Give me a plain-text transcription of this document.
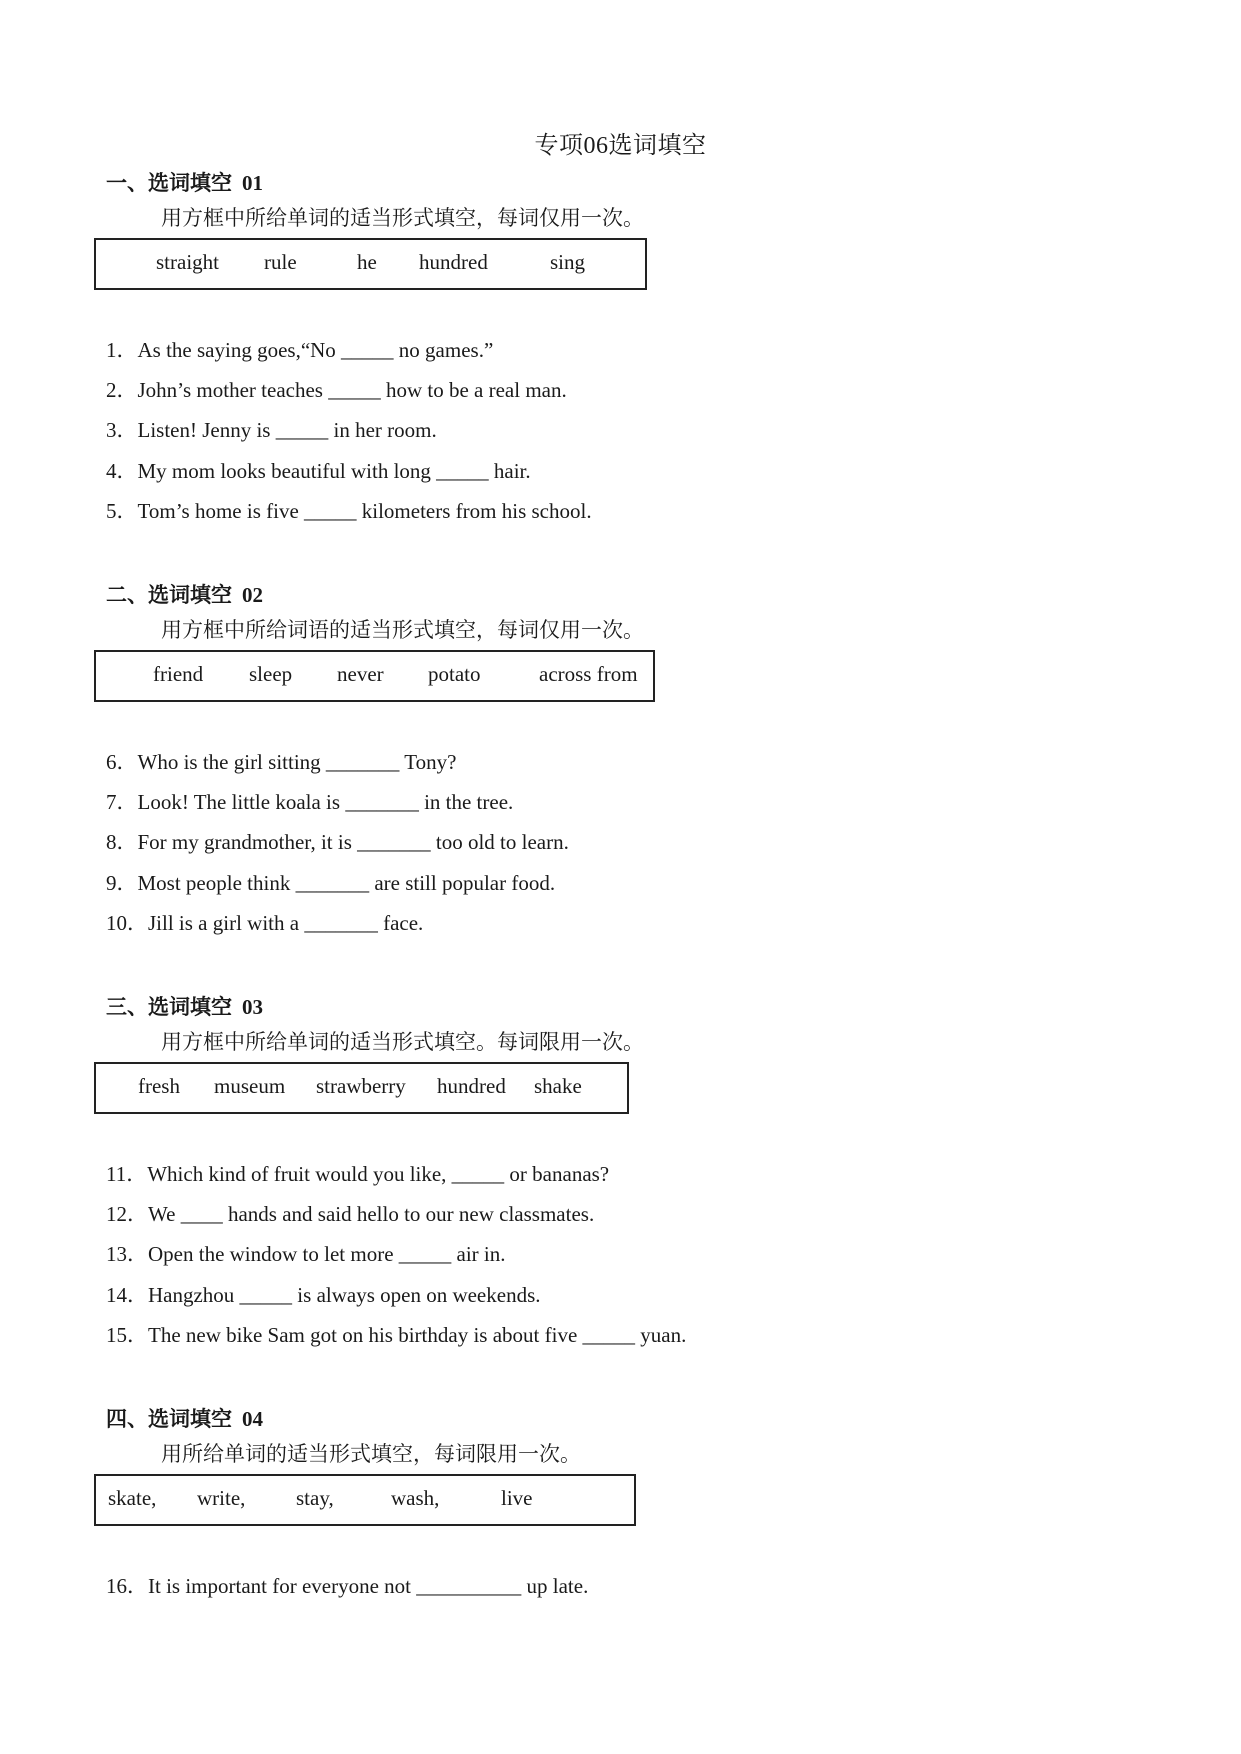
专项06选词填空
一、选词填空 01
用方框中所给单词的适当形式填空，每词仅用一次。
straight rule	he hundred	sing
1．As the saying goes,“No _____ no games.”
2．John’s mother teaches _____ how to be a real man.
3．Listen! Jenny is _____ in her room.
4．My mom looks beautiful with long _____ hair.
5．Tom’s home is five _____ kilometers from his school.
二、选词填空 02
用方框中所给词语的适当形式填空，每词仅用一次。
friend sleep never potato	across from
6．Who is the girl sitting _______ Tony?
7．Look! The little koala is _______ in the tree.
8．For my grandmother, it is _______ too old to learn.
9．Most people think _______ are still popular food.
10．Jill is a girl with a _______ face.
三、选词填空 03
用方框中所给单词的适当形式填空。每词限用一次。
fresh museum strawberry hundred shake
11．Which kind of fruit would you like, _____ or bananas?
12．We ____ hands and said hello to our new classmates.
13．Open the window to let more _____ air in.
14．Hangzhou _____ is always open on weekends.
15．The new bike Sam got on his birthday is about five _____ yuan.
四、选词填空 04
用所给单词的适当形式填空，每词限用一次。
skate, write, stay,	wash,	live
16．It is important for everyone not __________ up late.
